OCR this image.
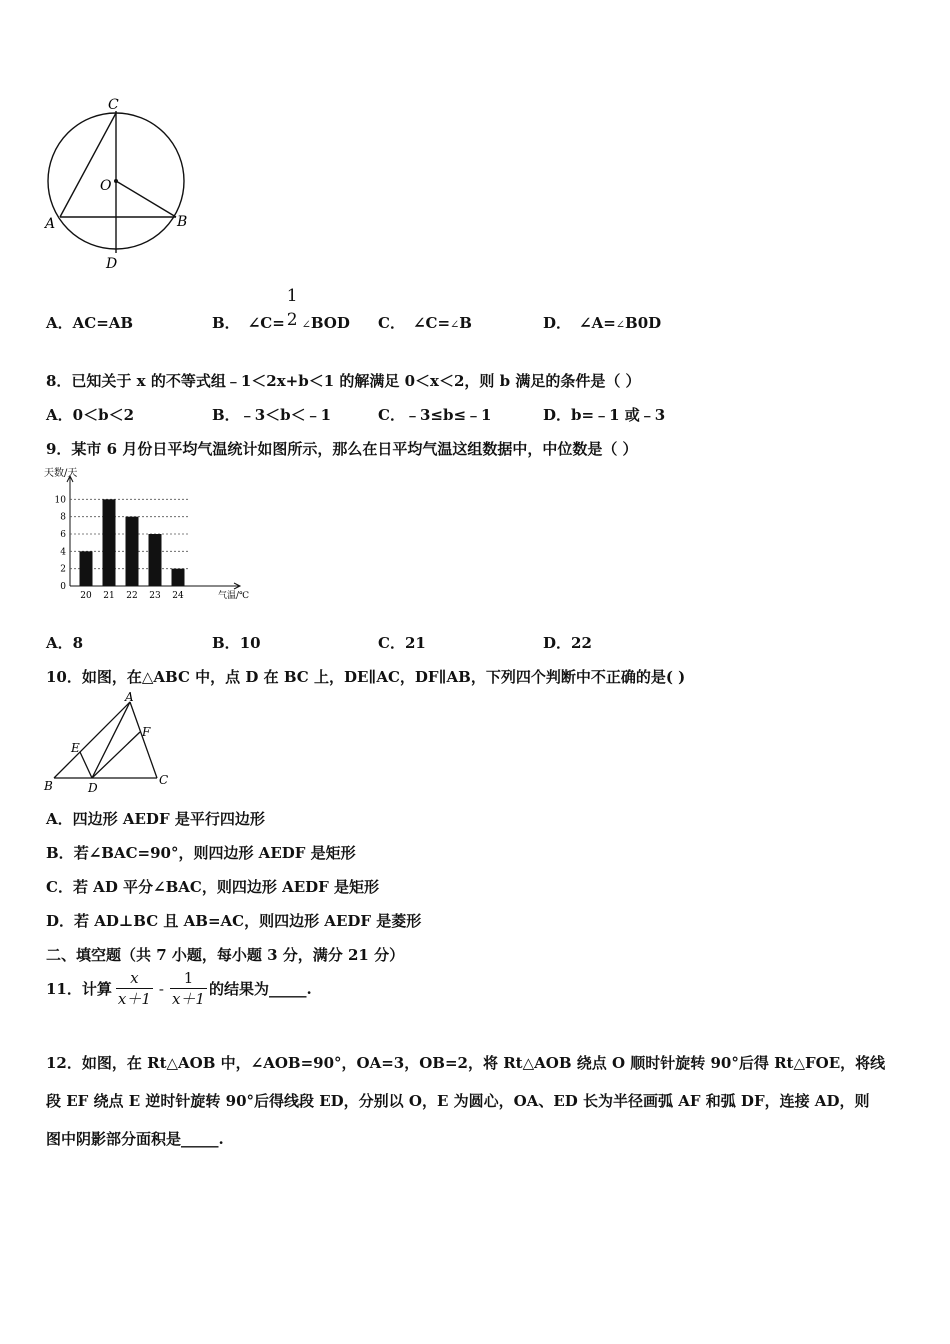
C
O
A	B
D
A．AC=AB	B． ∠C=
1
2 $_\angle$BOD C． ∠C=∠B	D． ∠A=∠B0D
8．已知关于 x 的不等式组﹣1＜2x+b＜1 的解满足 0＜x＜2，则 b 满足的条件是（ ）
A．0＜b＜2	B．﹣3＜b＜﹣1	C．﹣3≤b≤﹣1	D．b=﹣1 或﹣3
9．某市 6 月份日平均气温统计如图所示，那么在日平均气温这组数据中，中位数是（ ）
天数/天
0
2
4
6
8
10
20 21 22 23 24	气温/℃
A．8	B．10	C．21	D．22
10．如图，在△ABC 中，点 D 在 BC 上，DE∥AC，DF∥AB，下列四个判断中不正确的是( )
A
B	C
D
E
F
A．四边形 AEDF 是平行四边形
B．若∠BAC=90°，则四边形 AEDF 是矩形
C．若 AD 平分∠BAC，则四边形 AEDF 是矩形
D．若 AD⊥BC 且 AB=AC，则四边形 AEDF 是菱形
二、填空题（共 7 小题，每小题 3 分，满分 21 分）
11．计算 $\frac{x}{x+1} - \frac{1}{x+1}$ 的结果为_____.
12．如图，在 Rt△AOB 中，∠AOB=90°，OA=3，OB=2，将 Rt△AOB 绕点 O 顺时针旋转 90°后得 Rt△FOE，将线
段 EF 绕点 E 逆时针旋转 90°后得线段 ED，分别以 O，E 为圆心，OA、ED 长为半径画弧 AF 和弧 DF，连接 AD，则
图中阴影部分面积是_____.
